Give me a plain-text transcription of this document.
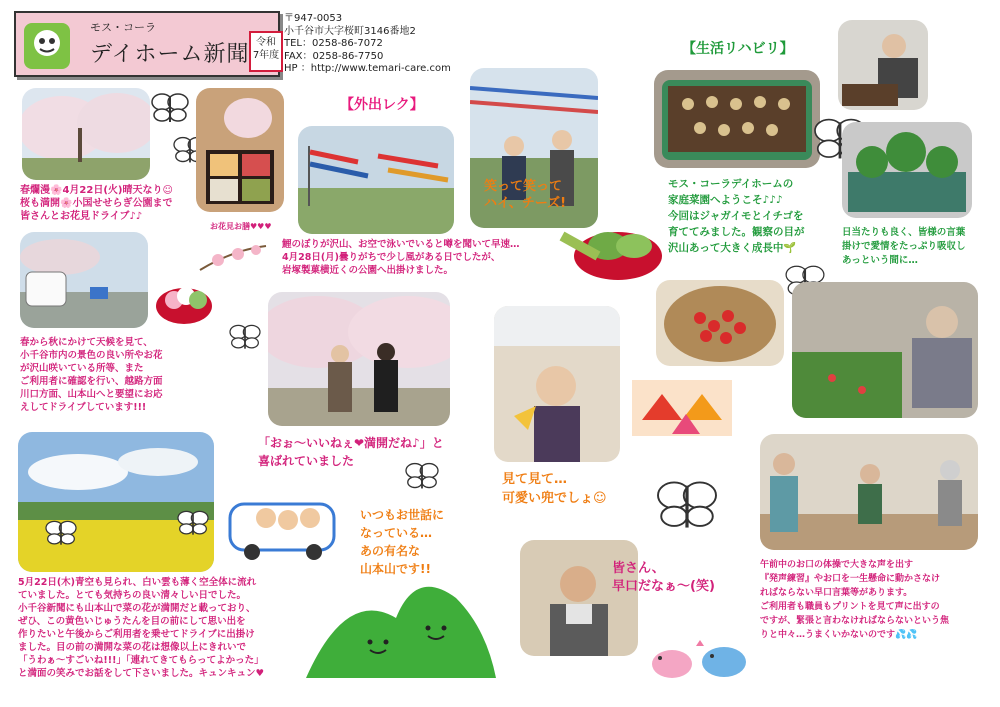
モス・コーラ
デイホーム新聞 令和
7年度
〒947-0053
小千谷市大字桜町3146番地2
TEL：0258-86-7072
FAX：0258-86-7750
HP ：http://www.temari-care.com
お花見お膳♥♥♥
春爛漫🌸4月22日(火)晴天なり☺
桜も満開🌸小国せせらぎ公園まで
皆さんとお花見ドライブ♪♪
春から秋にかけて天候を見て、
小千谷市内の景色の良い所やお花
が沢山咲いている所等、また
ご利用者に確認を行い、越路方面
川口方面、山本山へと要望にお応
えしてドライブしています!!!
5月22日(木)青空も見られ、白い雲も薄く空全体に流れ
ていました。とても気持ちの良い清々しい日でした。
小千谷新聞にも山本山で菜の花が満開だと載っており、
ぜひ、この黄色いじゅうたんを目の前にして思い出を
作りたいと午後からご利用者を乗せてドライブに出掛け
ました。目の前の満開な菜の花は想像以上にきれいで
「うわぁ～すごいね!!!」「連れてきてもらってよかった」
と満面の笑みでお話をして下さいました。キュンキュン♥
【外出レク】
笑って笑って
ハイ、チーズ!
鯉のぼりが沢山、お空で泳いでいると噂を聞いて早速…
4月28日(月)曇りがちで少し風がある日でしたが、
岩塚製菓横近くの公園へ出掛けました。
「おぉ～いいねぇ❤満開だね♪」と
喜ばれていました
いつもお世話に
なっている…
あの有名な
山本山です!!
見て見て…
可愛い兜でしょ☺
皆さん、
早口だなぁ～(笑)
【生活リハビリ】
モス・コーラデイホームの
家庭菜園へようこそ♪♪♪
今回はジャガイモとイチゴを
育ててみました。観察の目が
沢山あって大きく成長中🌱
日当たりも良く、皆様の言葉
掛けで愛情をたっぷり吸収し
あっという間に…
午前中のお口の体操で大きな声を出す
『発声練習』やお口を一生懸命に動かさなけ
ればならない早口言葉等があります。
ご利用者も職員もプリントを見て声に出すの
ですが、緊張と言わなければならないという焦
りと中々…うまくいかないのです💦💦
